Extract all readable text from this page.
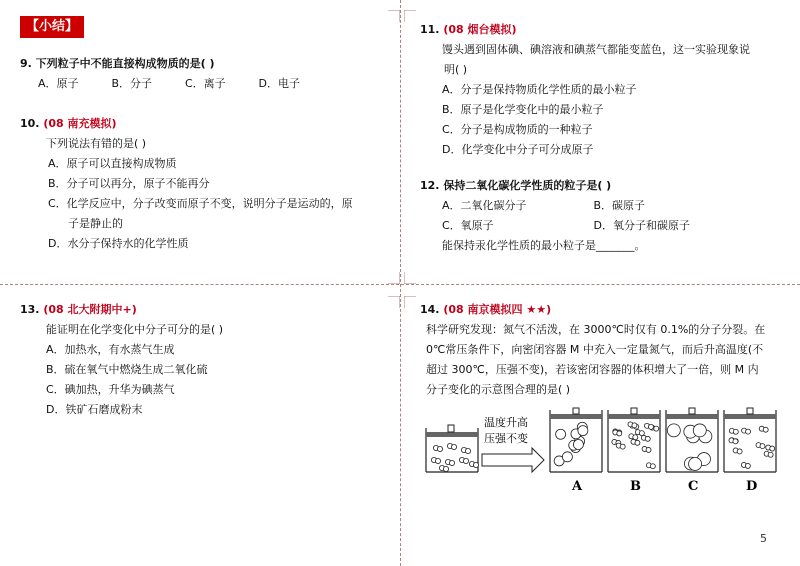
【小结】
9. 下列粒子中不能直接构成物质的是( )
A．原子	B．分子	C．离子	D．电子
10. (08 南充模拟)
下列说法有错的是( )
A．原子可以直接构成物质
B．分子可以再分，原子不能再分
C．化学反应中，分子改变而原子不变，说明分子是运动的，原
子是静止的
D．水分子保持水的化学性质
11. (08 烟台模拟)
馒头遇到固体碘、碘溶液和碘蒸气都能变蓝色，这一实验现象说
明( )
A．分子是保持物质化学性质的最小粒子
B．原子是化学变化中的最小粒子
C．分子是构成物质的一种粒子
D．化学变化中分子可分成原子
12. 保持二氧化碳化学性质的粒子是( )
A．二氧化碳分子	B．碳原子
C．氧原子	D．氧分子和碳原子
能保持汞化学性质的最小粒子是_______。
13. (08 北大附期中+)
能证明在化学变化中分子可分的是( )
A．加热水，有水蒸气生成
B．硫在氧气中燃烧生成二氧化硫
C．碘加热，升华为碘蒸气
D．铁矿石磨成粉末
14. (08 南京模拟四 ★★)
科学研究发现：氮气不活泼，在 3000℃时仅有 0.1%的分子分裂。在
0℃常压条件下，向密闭容器 M 中充入一定量氮气，而后升高温度(不
超过 300℃，压强不变)，若该密闭容器的体积增大了一倍，则 M 内
分子变化的示意图合理的是( )
温度升高
压强不变
A	B	C	D
5
